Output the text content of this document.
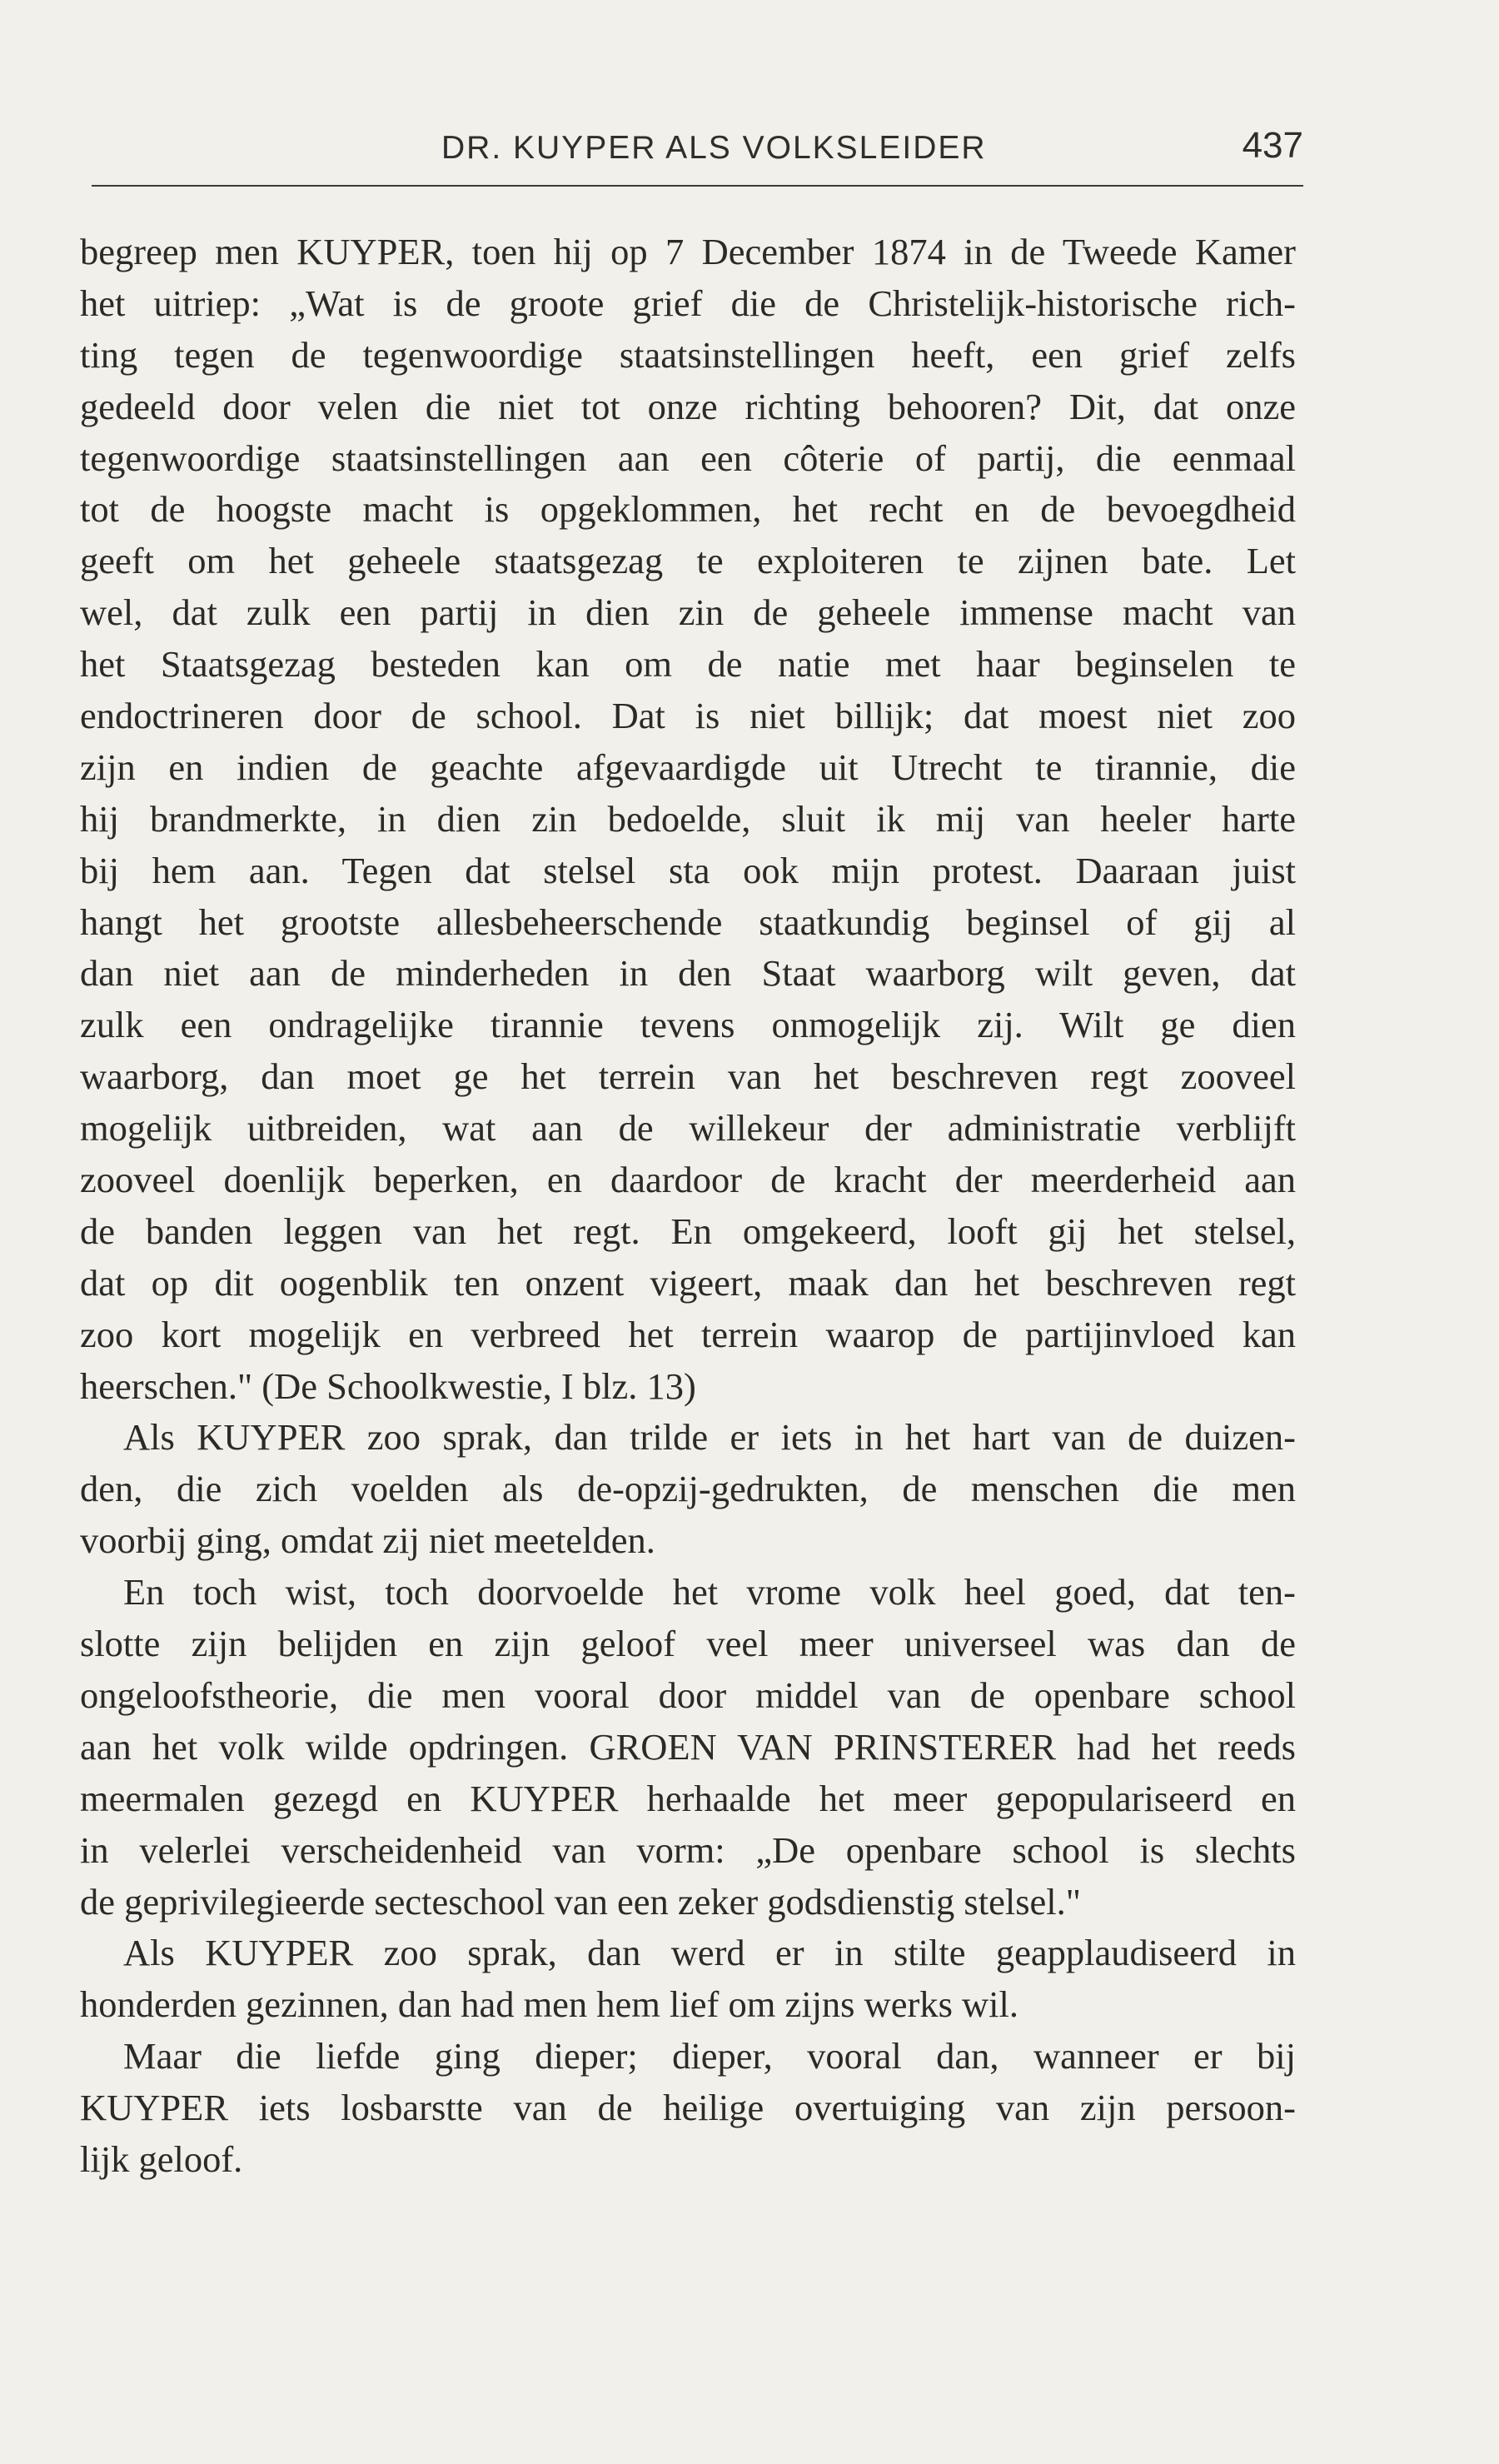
DR. KUYPER ALS VOLKSLEIDER	437
begreep men KUYPER, toen hij op 7 December 1874 in de Tweede Kamer
het uitriep: „Wat is de groote grief die de Christelijk-historische rich-
ting tegen de tegenwoordige staatsinstellingen heeft, een grief zelfs
gedeeld door velen die niet tot onze richting behooren? Dit, dat onze
tegenwoordige staatsinstellingen aan een côterie of partij, die eenmaal
tot de hoogste macht is opgeklommen, het recht en de bevoegdheid
geeft om het geheele staatsgezag te exploiteren te zijnen bate. Let
wel, dat zulk een partij in dien zin de geheele immense macht van
het Staatsgezag besteden kan om de natie met haar beginselen te
endoctrineren door de school. Dat is niet billijk; dat moest niet zoo
zijn en indien de geachte afgevaardigde uit Utrecht te tirannie, die
hij brandmerkte, in dien zin bedoelde, sluit ik mij van heeler harte
bij hem aan. Tegen dat stelsel sta ook mijn protest. Daaraan juist
hangt het grootste allesbeheerschende staatkundig beginsel of gij al
dan niet aan de minderheden in den Staat waarborg wilt geven, dat
zulk een ondragelijke tirannie tevens onmogelijk zij. Wilt ge dien
waarborg, dan moet ge het terrein van het beschreven regt zooveel
mogelijk uitbreiden, wat aan de willekeur der administratie verblijft
zooveel doenlijk beperken, en daardoor de kracht der meerderheid aan
de banden leggen van het regt. En omgekeerd, looft gij het stelsel,
dat op dit oogenblik ten onzent vigeert, maak dan het beschreven regt
zoo kort mogelijk en verbreed het terrein waarop de partijinvloed kan
heerschen." (De Schoolkwestie, I blz. 13)
Als KUYPER zoo sprak, dan trilde er iets in het hart van de duizen-
den, die zich voelden als de-opzij-gedrukten, de menschen die men
voorbij ging, omdat zij niet meetelden.
En toch wist, toch doorvoelde het vrome volk heel goed, dat ten-
slotte zijn belijden en zijn geloof veel meer universeel was dan de
ongeloofstheorie, die men vooral door middel van de openbare school
aan het volk wilde opdringen. GROEN VAN PRINSTERER had het reeds
meermalen gezegd en KUYPER herhaalde het meer gepopulariseerd en
in velerlei verscheidenheid van vorm: „De openbare school is slechts
de geprivilegieerde secteschool van een zeker godsdienstig stelsel."
Als KUYPER zoo sprak, dan werd er in stilte geapplaudiseerd in
honderden gezinnen, dan had men hem lief om zijns werks wil.
Maar die liefde ging dieper; dieper, vooral dan, wanneer er bij
KUYPER iets losbarstte van de heilige overtuiging van zijn persoon-
lijk geloof.
